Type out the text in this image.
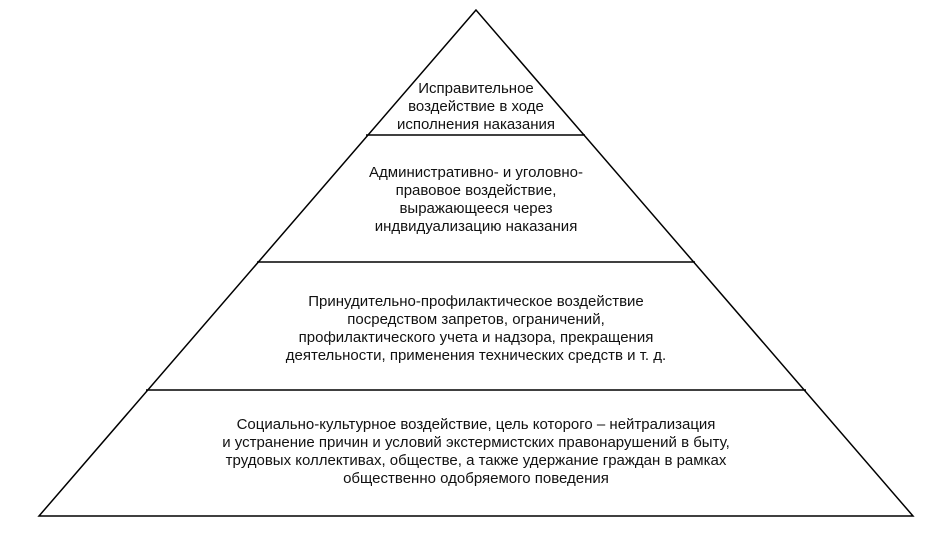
Исправительное
воздействие в ходе
исполнения наказания
Административно- и уголовно-
правовое воздействие,
выражающееся через
индвидуализацию наказания
Принудительно-профилактическое воздействие
посредством запретов, ограничений,
профилактического учета и надзора, прекращения
деятельности, применения технических средств и т. д.
Социально-культурное воздействие, цель которого – нейтрализация
и устранение причин и условий экстермистских правонарушений в быту,
трудовых коллективах, обществе, а также удержание граждан в рамках
общественно одобряемого поведения
